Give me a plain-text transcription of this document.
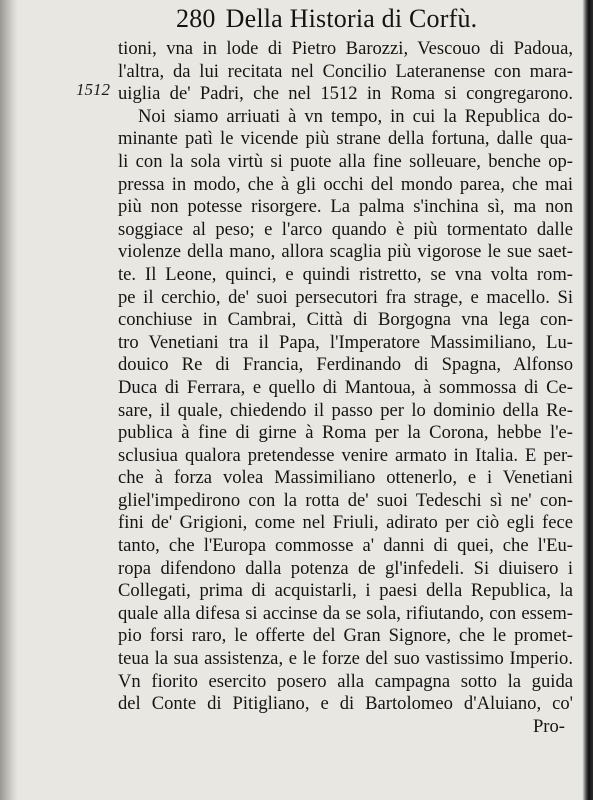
280 Della Historia di Corfù.
1512
tioni, vna in lode di Pietro Barozzi, Vescouo di Padoua,
l'altra, da lui recitata nel Concilio Lateranense con mara-
uiglia de' Padri, che nel 1512 in Roma si congregarono.
Noi siamo arriuati à vn tempo, in cui la Republica do-
minante patì le vicende più strane della fortuna, dalle qua-
li con la sola virtù si puote alla fine solleuare, benche op-
pressa in modo, che à gli occhi del mondo parea, che mai
più non potesse risorgere. La palma s'inchina sì, ma non
soggiace al peso; e l'arco quando è più tormentato dalle
violenze della mano, allora scaglia più vigorose le sue saet-
te. Il Leone, quinci, e quindi ristretto, se vna volta rom-
pe il cerchio, de' suoi persecutori fra strage, e macello. Si
conchiuse in Cambrai, Città di Borgogna vna lega con-
tro Venetiani tra il Papa, l'Imperatore Massimiliano, Lu-
douico Re di Francia, Ferdinando di Spagna, Alfonso
Duca di Ferrara, e quello di Mantoua, à sommossa di Ce-
sare, il quale, chiedendo il passo per lo dominio della Re-
publica à fine di girne à Roma per la Corona, hebbe l'e-
sclusiua qualora pretendesse venire armato in Italia. E per-
che à forza volea Massimiliano ottenerlo, e i Venetiani
gliel'impedirono con la rotta de' suoi Tedeschi sì ne' con-
fini de' Grigioni, come nel Friuli, adirato per ciò egli fece
tanto, che l'Europa commosse a' danni di quei, che l'Eu-
ropa difendono dalla potenza de gl'infedeli. Si diuisero i
Collegati, prima di acquistarli, i paesi della Republica, la
quale alla difesa si accinse da se sola, rifiutando, con essem-
pio forsi raro, le offerte del Gran Signore, che le promet-
teua la sua assistenza, e le forze del suo vastissimo Imperio.
Vn fiorito esercito posero alla campagna sotto la guida
del Conte di Pitigliano, e di Bartolomeo d'Aluiano, co'
Pro-
